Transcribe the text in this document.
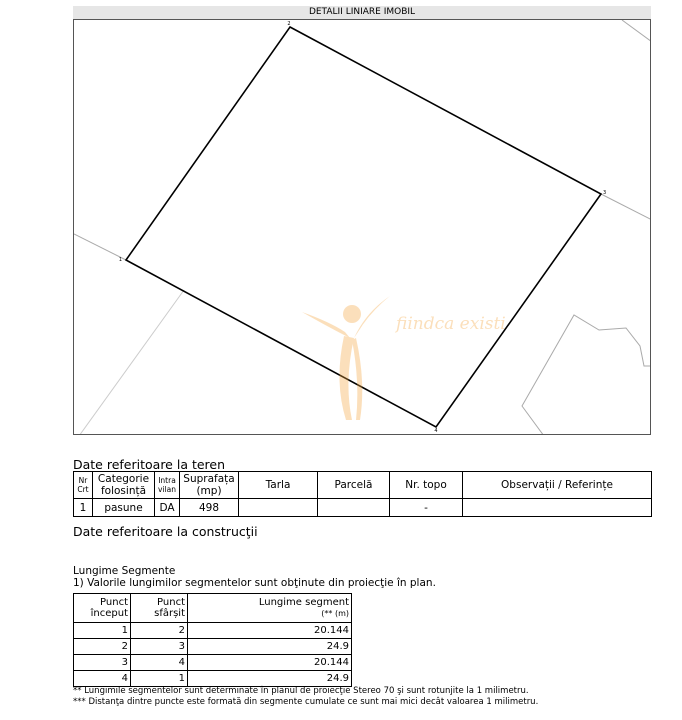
DETALII LINIARE IMOBIL
2
3
4
1
fiindca existi
Date referitoare la teren
Nr Crt	Categorie folosință	Intra vilan	Suprafața (mp)	Tarla	Parcelă	Nr. topo	Observații / Referințe
1	pasune	DA	498			-	
Date referitoare la construcţii
Lungime Segmente
1) Valorile lungimilor segmentelor sunt obţinute din proiecţie în plan.
Punct început	Punct sfârșit	Lungime segment
(** (m)

1	2	20.144
2	3	24.9
3	4	20.144
4	1	24.9
** Lungimile segmentelor sunt determinate în planul de proiecţie Stereo 70 şi sunt rotunjite la 1 milimetru.
*** Distanţa dintre puncte este formată din segmente cumulate ce sunt mai mici decât valoarea 1 milimetru.
